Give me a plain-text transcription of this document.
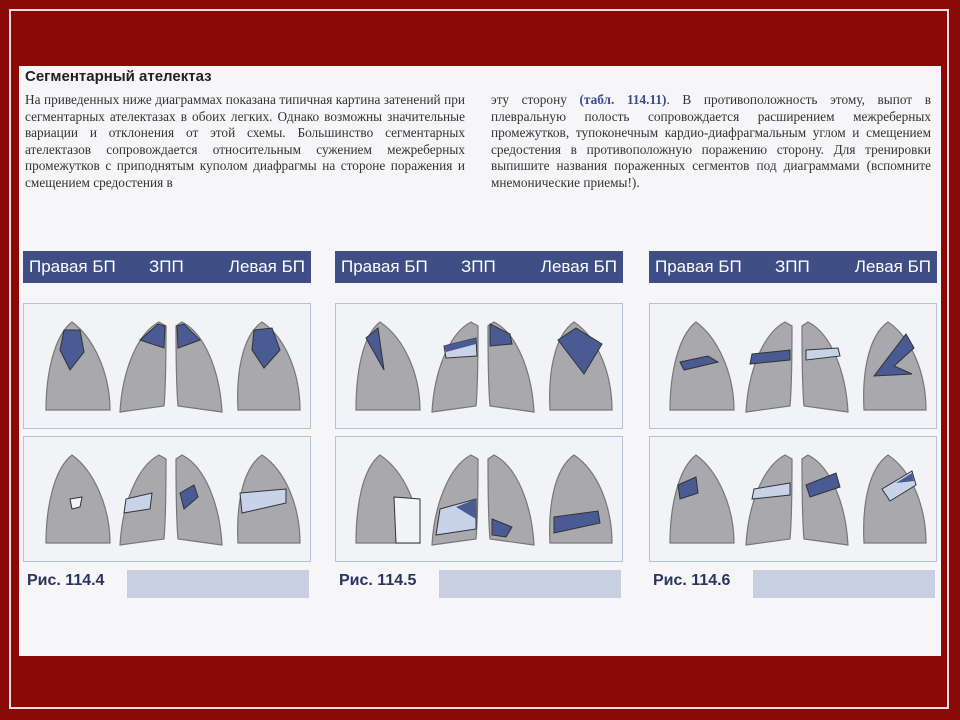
Сегментарный ателектаз
На приведенных ниже диаграммах показана типичная картина затенений при сегментарных ателектазах в обоих легких. Однако возможны значительные вариации и отклонения от этой схемы. Большинство сегментарных ателектазов сопровождается относительным сужением межреберных промежутков с приподнятым куполом диафрагмы на стороне поражения и смещением средостения в
эту сторону (табл. 114.11). В противоположность этому, выпот в плевральную полость сопровождается расширением межреберных промежутков, тупоконечным кардио-диафрагмальным углом и смещением средостения в противоположную поражению сторону. Для тренировки выпишите названия пораженных сегментов под диаграммами (вспомните мнемонические приемы!).
Правая БП ЗПП	Левая БП Правая БП ЗПП	Левая БП Правая БП ЗПП	Левая БП
Рис. 114.4	Рис. 114.5	Рис. 114.6
